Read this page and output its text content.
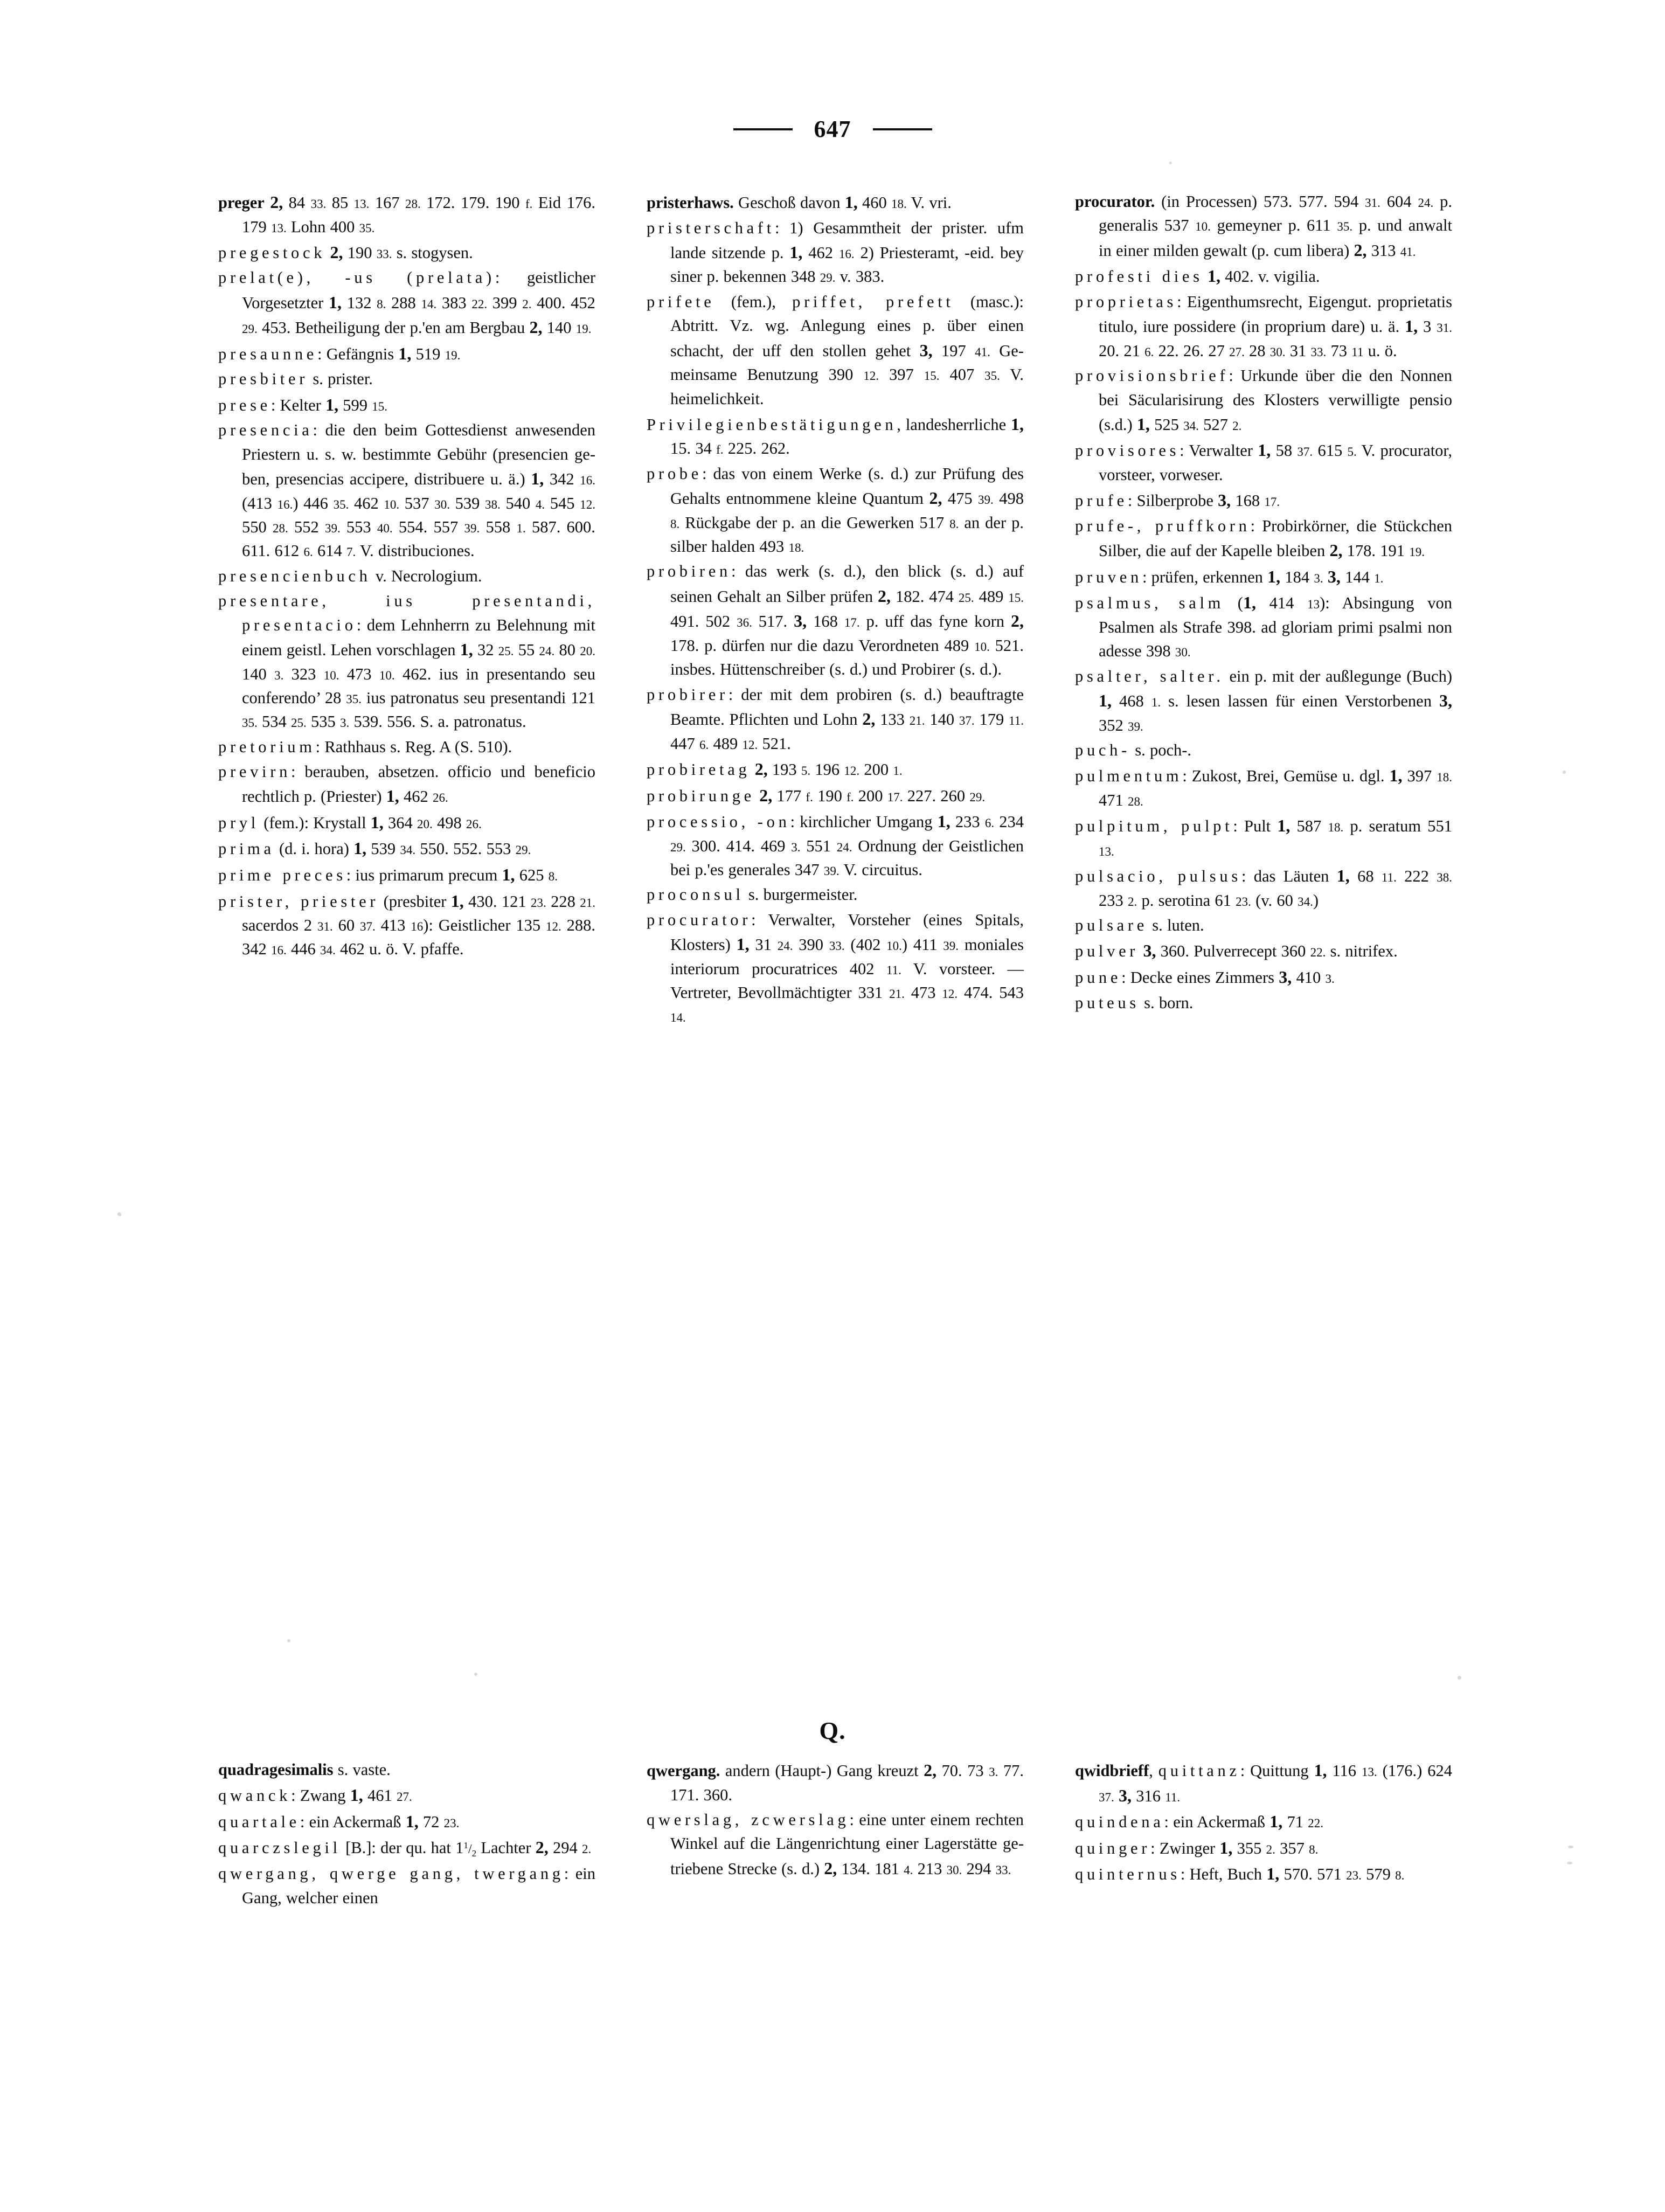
647

preger 2, 84 33. 85 13. 167 28. 172. 179. 190 f. Eid 176. 179 13. Lohn 400 35.

pregestock 2, 190 33. s. stogysen.

prelat(e), -us (prelata): geistlicher Vorgesetzter 1, 132 8. 288 14. 383 22. 399 2. 400. 452 29. 453. Betheiligung der p.'en am Bergbau 2, 140 19.

presaunne: Gefängnis 1, 519 19.

presbiter s. prister.

prese: Kelter 1, 599 15.

presencia: die den beim Gottesdienst anwesenden Priestern u. s. w. bestimmte Gebühr (presencien geben, presencias accipere, distribuere u. ä.) 1, 342 16. (413 16.) 446 35. 462 10. 537 30. 539 38. 540 4. 545 12. 550 28. 552 39. 553 40. 554. 557 39. 558 1. 587. 600. 611. 612 6. 614 7. V. distribuciones.

presencienbuch v. Necrologium.

presentare, ius presentandi, presentacio: dem Lehnherrn zu Belehnung mit einem geistl. Lehen vorschlagen 1, 32 25. 55 24. 80 20. 140 3. 323 10. 473 10. 462. ius in presentando seu conferendo’ 28 35. ius patronatus seu presentandi 121 35. 534 25. 535 3. 539. 556. S. a. patronatus.

pretorium: Rathhaus s. Reg. A (S. 510).

previrn: berauben, absetzen. officio und beneficio rechtlich p. (Priester) 1, 462 26.

pryl (fem.): Krystall 1, 364 20. 498 26.

prima (d. i. hora) 1, 539 34. 550. 552. 553 29.

prime preces: ius primarum precum 1, 625 8.

prister, priester (presbiter 1, 430. 121 23. 228 21. sacerdos 2 31. 60 37. 413 16): Geistlicher 135 12. 288. 342 16. 446 34. 462 u. ö. V. pfaffe.

pristerhaws. Geschoß davon 1, 460 18. V. vri.

pristerschaft: 1) Gesammtheit der prister. ufm lande sitzende p. 1, 462 16. 2) Priesteramt, -eid. bey siner p. bekennen 348 29. v. 383.

prifete (fem.), priffet, prefett (masc.): Abtritt. Vz. wg. Anlegung eines p. über einen schacht, der uff den stollen gehet 3, 197 41. Gemeinsame Benutzung 390 12. 397 15. 407 35. V. heimelichkeit.

Privilegienbestätigungen, landesherrliche 1, 15. 34 f. 225. 262.

probe: das von einem Werke (s. d.) zur Prüfung des Gehalts entnommene kleine Quantum 2, 475 39. 498 8. Rückgabe der p. an die Gewerken 517 8. an der p. silber halden 493 18.

probiren: das werk (s. d.), den blick (s. d.) auf seinen Gehalt an Silber prüfen 2, 182. 474 25. 489 15. 491. 502 36. 517. 3, 168 17. p. uff das fyne korn 2, 178. p. dürfen nur die dazu Verordneten 489 10. 521. insbes. Hüttenschreiber (s. d.) und Probirer (s. d.).

probirer: der mit dem probiren (s. d.) beauftragte Beamte. Pflichten und Lohn 2, 133 21. 140 37. 179 11. 447 6. 489 12. 521.

probiretag 2, 193 5. 196 12. 200 1.

probirunge 2, 177 f. 190 f. 200 17. 227. 260 29.

processio, -on: kirchlicher Umgang 1, 233 6. 234 29. 300. 414. 469 3. 551 24. Ordnung der Geistlichen bei p.'es generales 347 39. V. circuitus.

proconsul s. burgermeister.

procurator: Verwalter, Vorsteher (eines Spitals, Klosters) 1, 31 24. 390 33. (402 10.) 411 39. moniales interiorum procuratrices 402 11. V. vorsteer. — Vertreter, Bevollmächtigter 331 21. 473 12. 474. 543 14.

procurator. (in Processen) 573. 577. 594 31. 604 24. p. generalis 537 10. gemeyner p. 611 35. p. und anwalt in einer milden gewalt (p. cum libera) 2, 313 41.

profesti dies 1, 402. v. vigilia.

proprietas: Eigenthumsrecht, Eigengut. proprietatis titulo, iure possidere (in proprium dare) u. ä. 1, 3 31. 20. 21 6. 22. 26. 27 27. 28 30. 31 33. 73 11 u. ö.

provisionsbrief: Urkunde über die den Nonnen bei Säcularisirung des Klosters verwilligte pensio (s.d.) 1, 525 34. 527 2.

provisores: Verwalter 1, 58 37. 615 5. V. procurator, vorsteer, vorweser.

prufe: Silberprobe 3, 168 17.

prufe-, pruffkorn: Probirkörner, die Stückchen Silber, die auf der Kapelle bleiben 2, 178. 191 19.

pruven: prüfen, erkennen 1, 184 3. 3, 144 1.

psalmus, salm (1, 414 13): Absingung von Psalmen als Strafe 398. ad gloriam primi psalmi non adesse 398 30.

psalter, salter. ein p. mit der außlegunge (Buch) 1, 468 1. s. lesen lassen für einen Verstorbenen 3, 352 39.

puch- s. poch-.

pulmentum: Zukost, Brei, Gemüse u. dgl. 1, 397 18. 471 28.

pulpitum, pulpt: Pult 1, 587 18. p. seratum 551 13.

pulsacio, pulsus: das Läuten 1, 68 11. 222 38. 233 2. p. serotina 61 23. (v. 60 34.)

pulsare s. luten.

pulver 3, 360. Pulverrecept 360 22. s. nitrifex.

pune: Decke eines Zimmers 3, 410 3.

puteus s. born.

Q.

quadragesimalis s. vaste.

qwanck: Zwang 1, 461 27.

quartale: ein Ackermaß 1, 72 23.

quarczslegil [B.]: der qu. hat $1^1/_2$ Lachter 2, 294 2.

qwergang, qwerge gang, twergang: ein Gang, welcher einen

qwergang. andern (Haupt-) Gang kreuzt 2, 70. 73 3. 77. 171. 360.

qwerslag, zcwerslag: eine unter einem rechten Winkel auf die Längenrichtung einer Lagerstätte getriebene Strecke (s. d.) 2, 134. 181 4. 213 30. 294 33.

qwidbrieff, quittanz: Quittung 1, 116 13. (176.) 624 37. 3, 316 11.

quindena: ein Ackermaß 1, 71 22.

quinger: Zwinger 1, 355 2. 357 8.

quinternus: Heft, Buch 1, 570. 571 23. 579 8.
